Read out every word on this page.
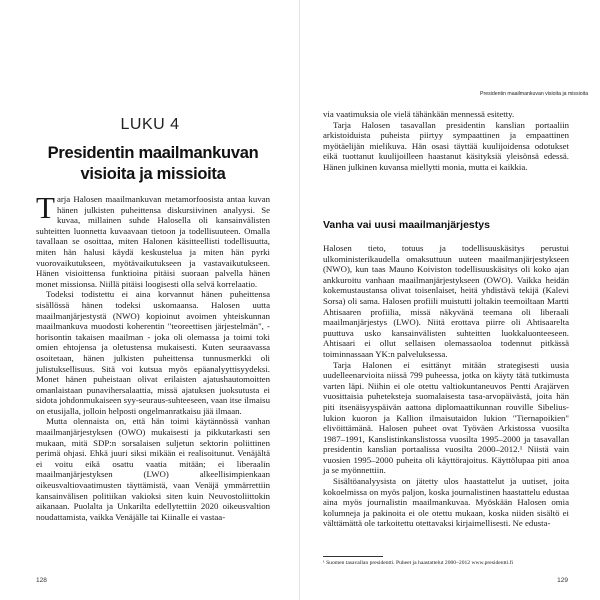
LUKU 4
Presidentin maailmankuvan visioita ja missioita

Tarja Halosen maailmankuvan metamorfoosista antaa kuvan hänen julkisten puheittensa diskursiivinen analyysi. Se kuvaa, millainen suhde Halosella oli kansainvälisten suhteitten luonnetta kuvaavaan tietoon ja todellisuuteen. Omalla tavallaan se osoittaa, miten Halonen käsitteellisti todellisuutta, miten hän halusi käydä keskustelua ja miten hän pyrki vuorovaikutukseen, myötävaikutukseen ja vastavaikutukseen. Hänen visioittensa funktioina pitäisi suoraan palvella hänen monet missionsa. Niillä pitäisi loogisesti olla selvä korrelaatio.

Todeksi todistettu ei aina korvannut hänen puheittensa sisällössä hänen todeksi uskomaansa. Halosen uutta maailmanjärjestystä (NWO) kopioinut avoimen yhteiskunnan maailmankuva muodosti koherentin "teoreettisen järjestelmän", - horisontin takaisen maailman - joka oli olemassa ja toimi toki omien ehtojensa ja oletustensa mukaisesti. Kuten seuraavassa osoitetaan, hänen julkisten puheittensa tunnusmerkki oli julistuksellisuus. Sitä voi kutsua myös epäanalyyttisyydeksi. Monet hänen puheistaan olivat erilaisten ajatushautomoitten omanlaistaan punavihersalaattia, missä ajatuksen juoksutusta ei sidota johdonmukaiseen syy-seuraus-suhteeseen, vaan itse ilmaisu on etusijalla, jolloin helposti ongelmanratkaisu jää ilmaan.

Mutta olennaista on, että hän toimi käytännössä vanhan maailmanjärjestyksen (OWO) mukaisesti ja pikkutarkasti sen mukaan, mitä SDP:n sorsalaisen suljetun sektorin poliittinen perimä ohjasi. Ehkä juuri siksi mikään ei realisoitunut. Venäjältä ei voitu eikä osattu vaatia mitään; ei liberaalin maailmanjärjestyksen (LWO) alkeellisimpienkaan oikeusvaltiovaatimusten täyttämistä, vaan Venäjä ymmärrettiin kansainvälisen politiikan vakioksi siten kuin Neuvostoliittokin aikanaan. Puolalta ja Unkarilta edellytettiin 2020 oikeusvaltion noudattamista, vaikka Venäjälle tai Kiinalle ei vastaa-

128
Presidentin maailmankuvan visioita ja missioita

via vaatimuksia ole vielä tähänkään mennessä esitetty.

Tarja Halosen tasavallan presidentin kanslian portaaliin arkistoiduista puheista piirtyy sympaattinen ja empaattinen myötäelijän mielikuva. Hän osasi täyttää kuulijoidensa odotukset eikä tuottanut kuulijoilleen haastanut käsityksiä yleisönsä edessä. Hänen julkinen kuvansa miellytti monia, mutta ei kaikkia.

Vanha vai uusi maailmanjärjestys

Halosen tieto, totuus ja todellisuuskäsitys perustui ulkoministerikaudella omaksuttuun uuteen maailmanjärjestykseen (NWO), kun taas Mauno Koiviston todellisuuskäsitys oli koko ajan ankkuroitu vanhaan maailmanjärjestykseen (OWO). Vaikka heidän kokemustaustansa olivat toisenlaiset, heitä yhdistävä tekijä (Kalevi Sorsa) oli sama. Halosen profiili muistutti joltakin teemoiltaan Martti Ahtisaaren profiilia, missä näkyvänä teemana oli liberaali maailmanjärjestys (LWO). Niitä erottava piirre oli Ahtisaarelta puuttuva usko kansainvälisten suhteitten luokkaluonteeseen. Ahtisaari ei ollut sellaisen olemassaoloa todennut pitkässä toiminnassaan YK:n palveluksessa.

Tarja Halonen ei esittänyt mitään strategisesti uusia uudelleenarvioita niissä 799 puheessa, jotka on käyty tätä tutkimusta varten läpi. Niihin ei ole otettu valtiokuntaneuvos Pentti Arajärven vuosittaisia puheteksteja suomalaisesta tasa-arvopäivästä, joita hän piti itsenäisyyspäivän aattona diplomaattikunnan rouville Sibelius-lukion kuoron ja Kallion ilmaisutaidon lukion "Tiernapoikien" elivöittämänä. Halosen puheet ovat Työväen Arkistossa vuosilta 1987–1991, Kanslistinkanslistossa vuosilta 1995–2000 ja tasavallan presidentin kanslian portaalissa vuosilta 2000–2012.¹ Niistä vain vuosien 1995–2000 puheita oli käyttörajoitus. Käyttölupaa piti anoa ja se myönnettiin.

Sisältöanalyysista on jätetty ulos haastattelut ja uutiset, joita kokoelmissa on myös paljon, koska journalistinen haastattelu edustaa aina myös journalistin maailmankuvaa. Myöskään Halosen omia kolumneja ja pakinoita ei ole otettu mukaan, koska niiden sisältö ei välttämättä ole tarkoitettu otettavaksi kirjaimellisesti. Ne edusta-

¹ Suomen tasavallan presidentti. Puheet ja haastattelut 2000–2012 www.presidentti.fi
129
